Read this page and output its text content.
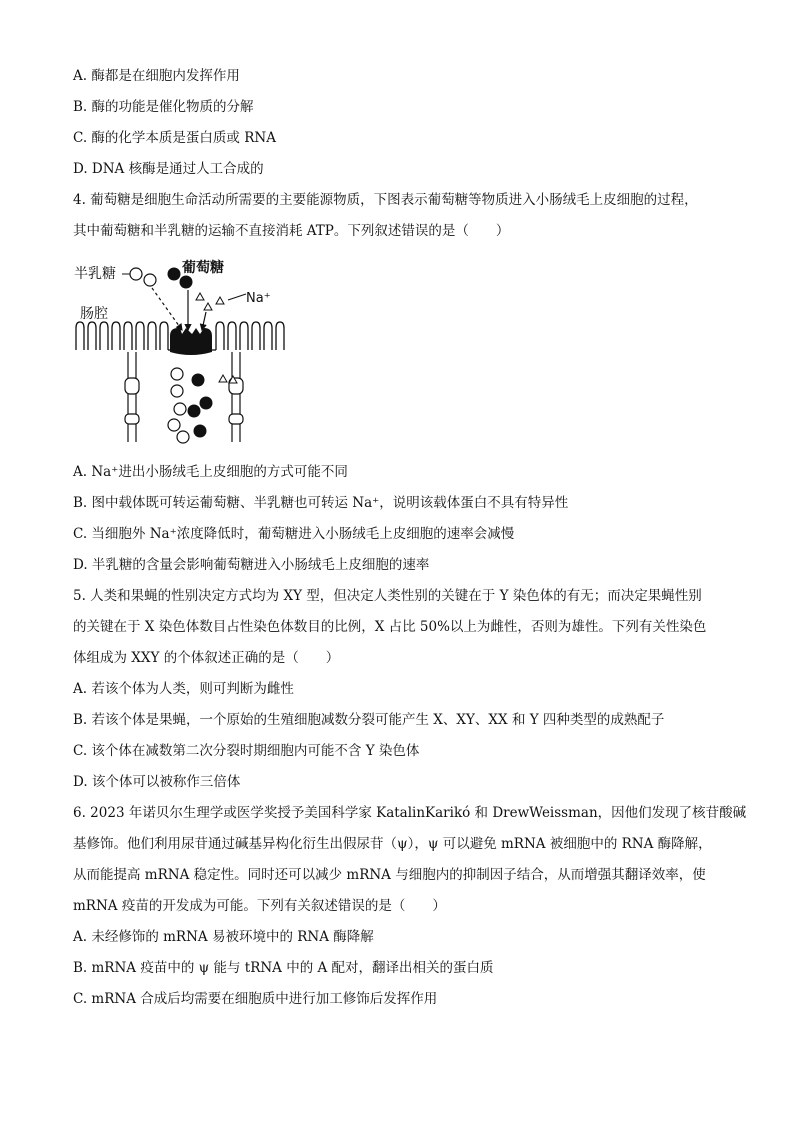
A. 酶都是在细胞内发挥作用
B. 酶的功能是催化物质的分解
C. 酶的化学本质是蛋白质或 RNA
D. DNA 核酶是通过人工合成的
4. 葡萄糖是细胞生命活动所需要的主要能源物质，下图表示葡萄糖等物质进入小肠绒毛上皮细胞的过程，
其中葡萄糖和半乳糖的运输不直接消耗 ATP。下列叙述错误的是（　　）
半乳糖	葡萄糖
Na⁺
肠腔
A. Na⁺进出小肠绒毛上皮细胞的方式可能不同
B. 图中载体既可转运葡萄糖、半乳糖也可转运 Na⁺，说明该载体蛋白不具有特异性
C. 当细胞外 Na⁺浓度降低时，葡萄糖进入小肠绒毛上皮细胞的速率会减慢
D. 半乳糖的含量会影响葡萄糖进入小肠绒毛上皮细胞的速率
5. 人类和果蝇的性别决定方式均为 XY 型，但决定人类性别的关键在于 Y 染色体的有无；而决定果蝇性别
的关键在于 X 染色体数目占性染色体数目的比例，X 占比 50%以上为雌性，否则为雄性。下列有关性染色
体组成为 XXY 的个体叙述正确的是（　　）
A. 若该个体为人类，则可判断为雌性
B. 若该个体是果蝇，一个原始的生殖细胞减数分裂可能产生 X、XY、XX 和 Y 四种类型的成熟配子
C. 该个体在减数第二次分裂时期细胞内可能不含 Y 染色体
D. 该个体可以被称作三倍体
6. 2023 年诺贝尔生理学或医学奖授予美国科学家 KatalinKarikó 和 DrewWeissman，因他们发现了核苷酸碱
基修饰。他们利用尿苷通过碱基异构化衍生出假尿苷（ψ），ψ 可以避免 mRNA 被细胞中的 RNA 酶降解，
从而能提高 mRNA 稳定性。同时还可以减少 mRNA 与细胞内的抑制因子结合，从而增强其翻译效率，使
mRNA 疫苗的开发成为可能。下列有关叙述错误的是（　　）
A. 未经修饰的 mRNA 易被环境中的 RNA 酶降解
B. mRNA 疫苗中的 ψ 能与 tRNA 中的 A 配对，翻译出相关的蛋白质
C. mRNA 合成后均需要在细胞质中进行加工修饰后发挥作用
